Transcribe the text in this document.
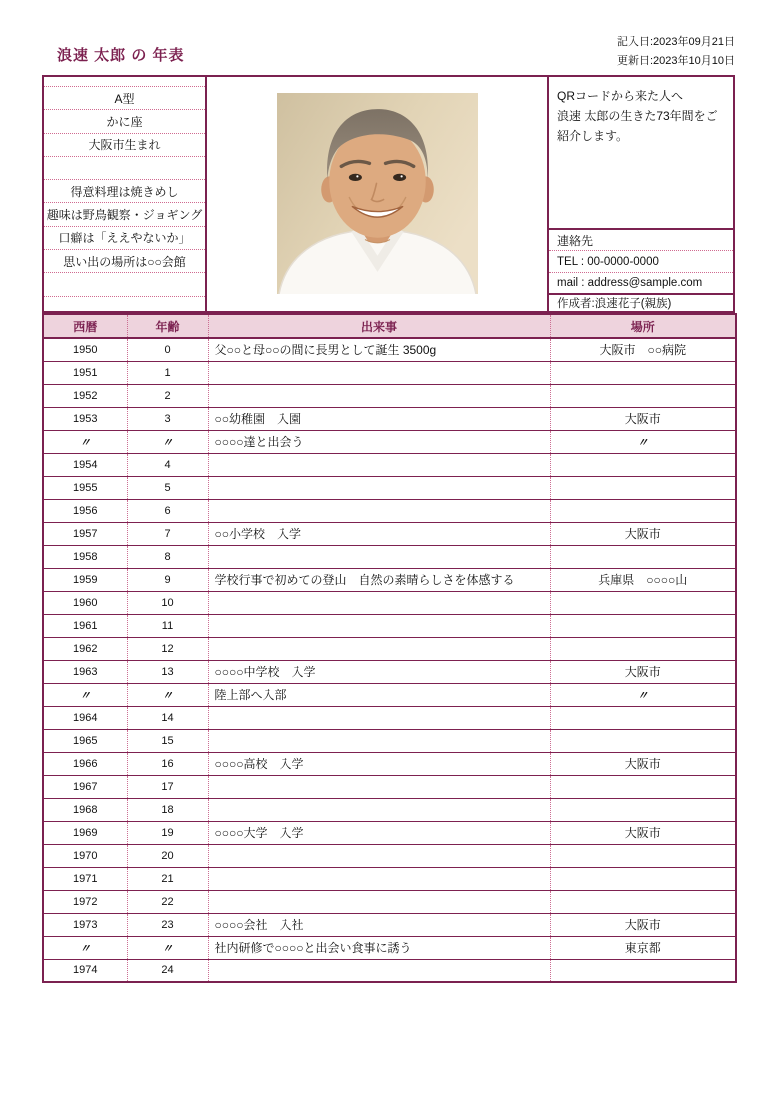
浪速 太郎 の 年表
記入日:2023年09月21日
更新日:2023年10月10日
A型
かに座
大阪市生まれ
得意料理は焼きめし
趣味は野鳥観察・ジョギング
口癖は「ええやないか」
思い出の場所は○○会館
QRコードから来た人へ
浪速 太郎の生きた73年間をご紹介します。
連絡先
TEL : 00-0000-0000
mail : address@sample.com
作成者:浪速花子(親族)
西暦	年齢	出来事	場所
1950	0	父○○と母○○の間に長男として誕生 3500g	大阪市　○○病院
1951	1		
1952	2		
1953	3	○○幼稚園　入園	大阪市
〃	〃	○○○○達と出会う	〃
1954	4		
1955	5		
1956	6		
1957	7	○○小学校　入学	大阪市
1958	8		
1959	9	学校行事で初めての登山　自然の素晴らしさを体感する	兵庫県　○○○○山
1960	10		
1961	11		
1962	12		
1963	13	○○○○中学校　入学	大阪市
〃	〃	陸上部へ入部	〃
1964	14		
1965	15		
1966	16	○○○○高校　入学	大阪市
1967	17		
1968	18		
1969	19	○○○○大学　入学	大阪市
1970	20		
1971	21		
1972	22		
1973	23	○○○○会社　入社	大阪市
〃	〃	社内研修で○○○○と出会い食事に誘う	東京都
1974	24		
